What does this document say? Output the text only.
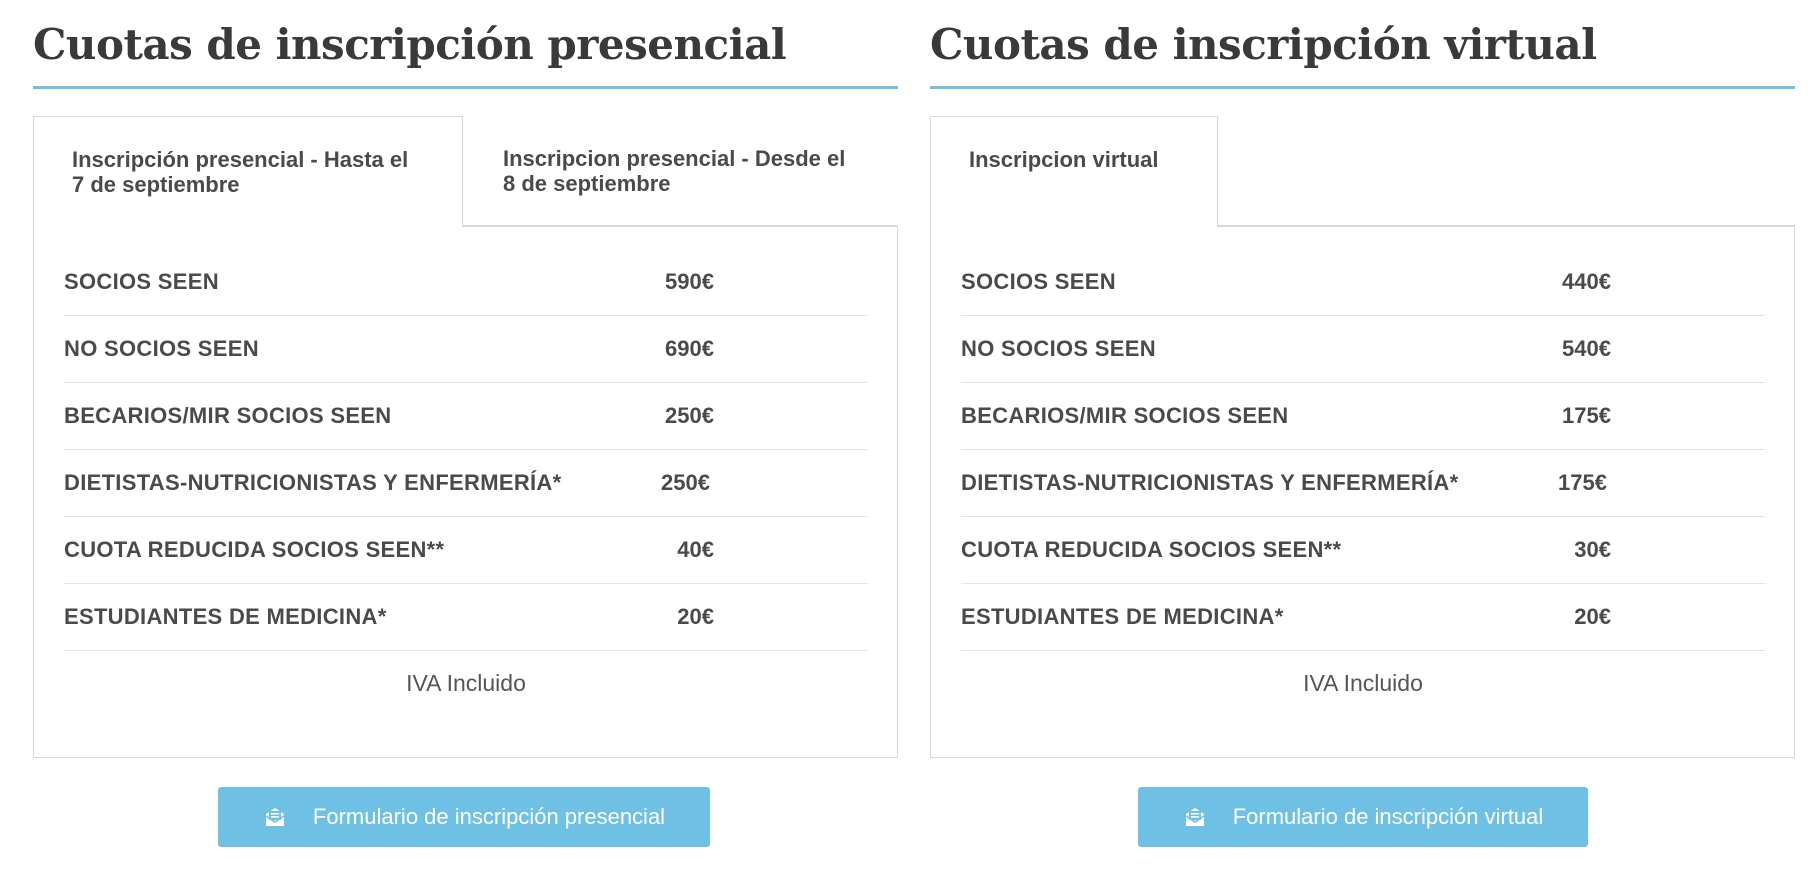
Cuotas de inscripción presencial
Inscripción presencial - Hasta el 7 de septiembre
Inscripcion presencial - Desde el 8 de septiembre
SOCIOS SEEN	590€
NO SOCIOS SEEN	690€
BECARIOS/MIR SOCIOS SEEN	250€
DIETISTAS-NUTRICIONISTAS Y ENFERMERÍA*	250€
CUOTA REDUCIDA SOCIOS SEEN**	40€
ESTUDIANTES DE MEDICINA*	20€
IVA Incluido
Formulario de inscripción presencial
Cuotas de inscripción virtual
Inscripcion virtual
SOCIOS SEEN	440€
NO SOCIOS SEEN	540€
BECARIOS/MIR SOCIOS SEEN	175€
DIETISTAS-NUTRICIONISTAS Y ENFERMERÍA*	175€
CUOTA REDUCIDA SOCIOS SEEN**	30€
ESTUDIANTES DE MEDICINA*	20€
IVA Incluido
Formulario de inscripción virtual
